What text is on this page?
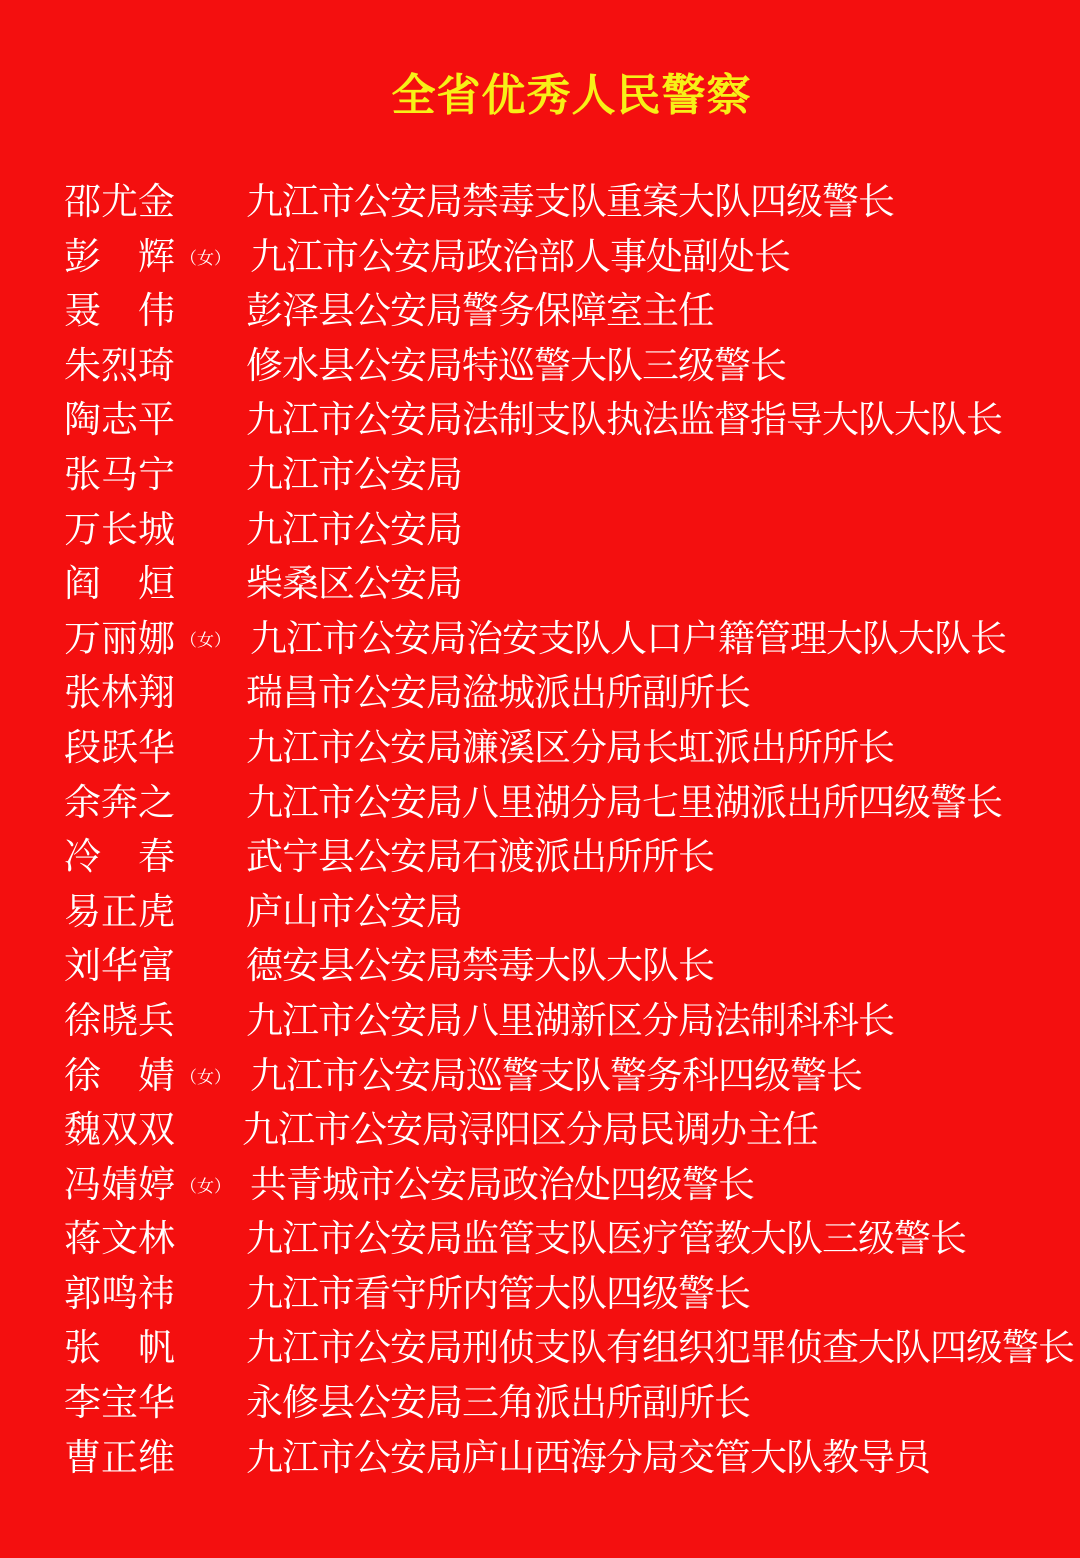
全省优秀人民警察
邵尤金 九江市公安局禁毒支队重案大队四级警长
彭　辉 （女） 九江市公安局政治部人事处副处长
聂　伟 彭泽县公安局警务保障室主任
朱烈琦 修水县公安局特巡警大队三级警长
陶志平 九江市公安局法制支队执法监督指导大队大队长
张马宁 九江市公安局
万长城 九江市公安局
阎　烜 柴桑区公安局
万丽娜 （女） 九江市公安局治安支队人口户籍管理大队大队长
张林翔 瑞昌市公安局湓城派出所副所长
段跃华 九江市公安局濂溪区分局长虹派出所所长
余奔之 九江市公安局八里湖分局七里湖派出所四级警长
冷　春 武宁县公安局石渡派出所所长
易正虎 庐山市公安局
刘华富 德安县公安局禁毒大队大队长
徐晓兵 九江市公安局八里湖新区分局法制科科长
徐　婧 （女） 九江市公安局巡警支队警务科四级警长
魏双双 九江市公安局浔阳区分局民调办主任
冯婧婷 （女） 共青城市公安局政治处四级警长
蒋文林 九江市公安局监管支队医疗管教大队三级警长
郭鸣祎 九江市看守所内管大队四级警长
张　帆 九江市公安局刑侦支队有组织犯罪侦查大队四级警长
李宝华 永修县公安局三角派出所副所长
曹正维 九江市公安局庐山西海分局交管大队教导员
